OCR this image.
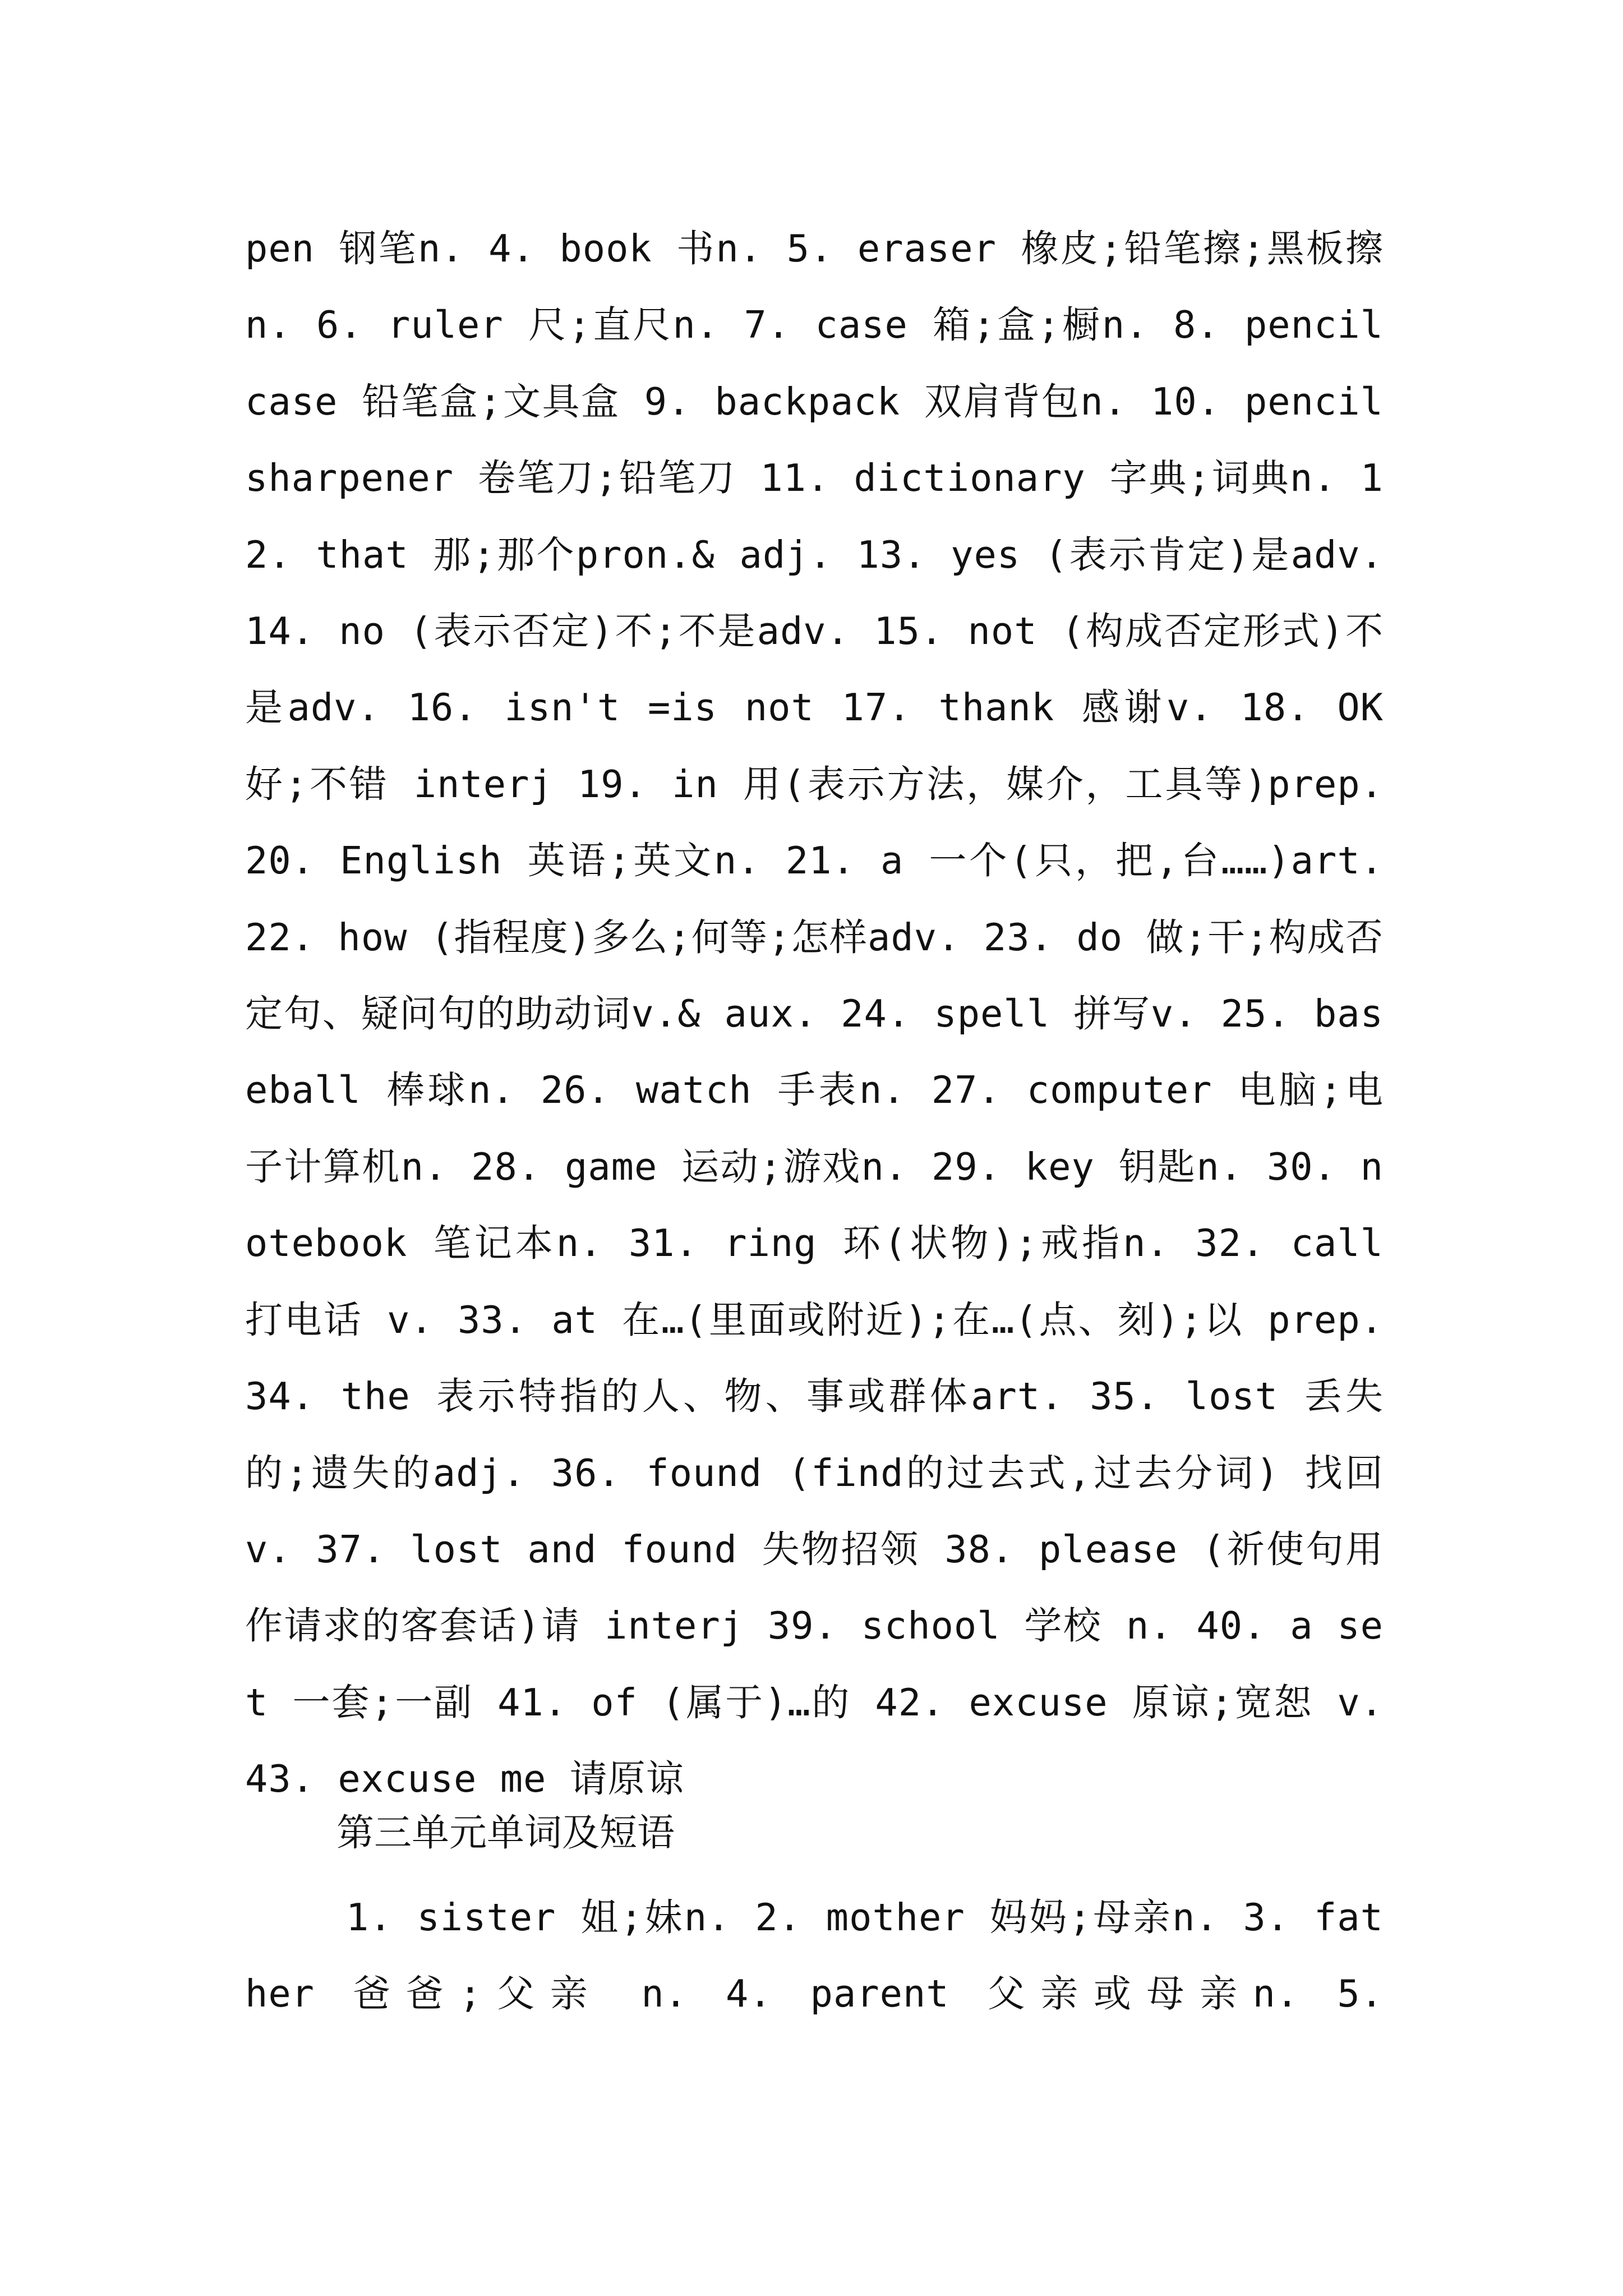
pen 钢笔n. 4. book 书n. 5. eraser 橡皮;铅笔擦;黑板擦n. 6. ruler 尺;直尺n. 7. case 箱;盒;橱n. 8. pencil case 铅笔盒;文具盒 9. backpack 双肩背包n. 10. pencil sharpener 卷笔刀;铅笔刀 11. dictionary 字典;词典n. 12. that 那;那个pron.& adj. 13. yes (表示肯定)是adv. 14. no (表示否定)不;不是adv. 15. not (构成否定形式)不是adv. 16. isn't =is not 17. thank 感谢v. 18. OK 好;不错 interj 19. in 用(表示方法，媒介，工具等)prep. 20. English 英语;英文n. 21. a 一个(只，把,台……)art. 22. how (指程度)多么;何等;怎样adv. 23. do 做;干;构成否定句、疑问句的助动词v.& aux. 24. spell 拼写v. 25. baseball 棒球n. 26. watch 手表n. 27. computer 电脑;电子计算机n. 28. game 运动;游戏n. 29. key 钥匙n. 30. notebook 笔记本n. 31. ring 环(状物);戒指n. 32. call 打电话 v. 33. at 在…(里面或附近);在…(点、刻);以 prep. 34. the 表示特指的人、物、事或群体art. 35. lost 丢失的;遗失的adj. 36. found (find的过去式,过去分词) 找回 v. 37. lost and found 失物招领 38. please (祈使句用作请求的客套话)请 interj 39. school 学校 n. 40. a set 一套;一副 41. of (属于)…的 42. excuse 原谅;宽恕 v. 43. excuse me 请原谅

第三单元单词及短语

1. sister 姐;妹n. 2. mother 妈妈;母亲n. 3. father 爸爸;父亲 n. 4. parent 父亲或母亲n. 5.
